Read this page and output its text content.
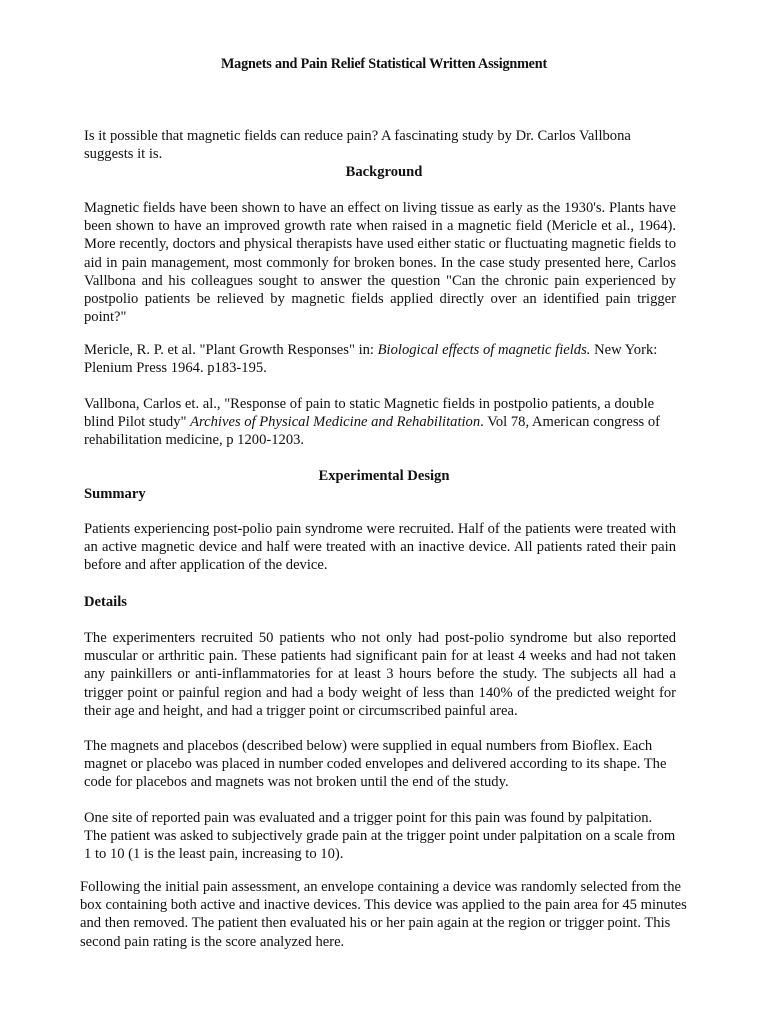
Magnets and Pain Relief Statistical Written Assignment
Is it possible that magnetic fields can reduce pain? A fascinating study by Dr. Carlos Vallbona
suggests it is.
Background

Magnetic fields have been shown to have an effect on living tissue as early as the 1930's. Plants have been shown to have an improved growth rate when raised in a magnetic field (Mericle et al., 1964). More recently, doctors and physical therapists have used either static or fluctuating magnetic fields to aid in pain management, most commonly for broken bones. In the case study presented here, Carlos Vallbona and his colleagues sought to answer the question "Can the chronic pain experienced by postpolio patients be relieved by magnetic fields applied directly over an identified pain trigger point?"

Mericle, R. P. et al. "Plant Growth Responses" in: Biological effects of magnetic fields. New York: Plenium Press 1964. p183-195.

Vallbona, Carlos et. al., "Response of pain to static Magnetic fields in postpolio patients, a double blind Pilot study" Archives of Physical Medicine and Rehabilitation. Vol 78, American congress of rehabilitation medicine, p 1200-1203.

Experimental Design
Summary

Patients experiencing post-polio pain syndrome were recruited. Half of the patients were treated with an active magnetic device and half were treated with an inactive device. All patients rated their pain before and after application of the device.

Details

The experimenters recruited 50 patients who not only had post-polio syndrome but also reported muscular or arthritic pain. These patients had significant pain for at least 4 weeks and had not taken any painkillers or anti-inflammatories for at least 3 hours before the study. The subjects all had a trigger point or painful region and had a body weight of less than 140% of the predicted weight for their age and height, and had a trigger point or circumscribed painful area.

The magnets and placebos (described below) were supplied in equal numbers from Bioflex. Each magnet or placebo was placed in number coded envelopes and delivered according to its shape. The code for placebos and magnets was not broken until the end of the study.

One site of reported pain was evaluated and a trigger point for this pain was found by palpitation. The patient was asked to subjectively grade pain at the trigger point under palpitation on a scale from 1 to 10 (1 is the least pain, increasing to 10).

Following the initial pain assessment, an envelope containing a device was randomly selected from the box containing both active and inactive devices. This device was applied to the pain area for 45 minutes and then removed. The patient then evaluated his or her pain again at the region or trigger point. This second pain rating is the score analyzed here.
